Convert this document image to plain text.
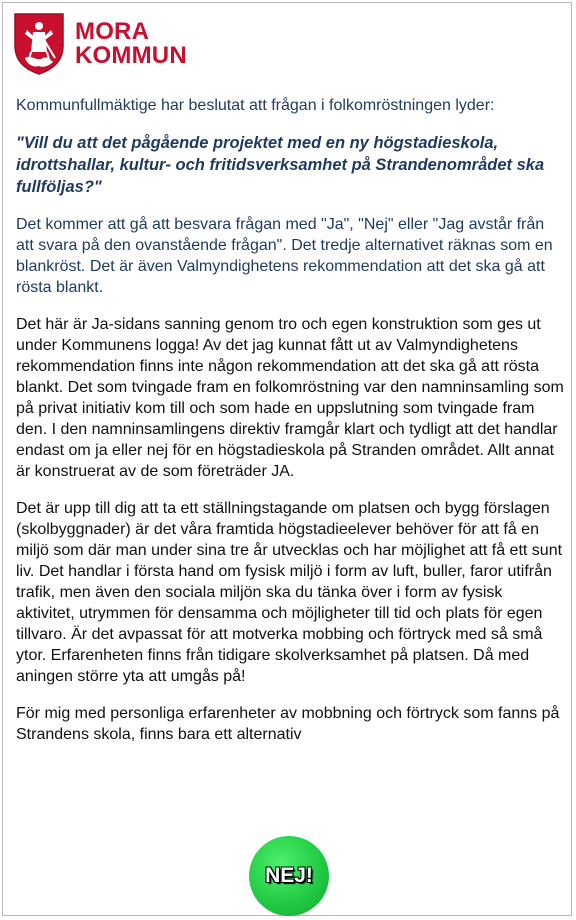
MORA
KOMMUN

Kommunfullmäktige har beslutat att frågan i folkomröstningen lyder:

"Vill du att det pågående projektet med en ny högstadieskola, idrottshallar, kultur- och fritidsverksamhet på Strandenområdet ska fullföljas?"

Det kommer att gå att besvara frågan med "Ja", "Nej" eller "Jag avstår från att svara på den ovanstående frågan". Det tredje alternativet räknas som en blankröst. Det är även Valmyndighetens rekommendation att det ska gå att rösta blankt.

Det här är Ja-sidans sanning genom tro och egen konstruktion som ges ut under Kommunens logga! Av det jag kunnat fått ut av Valmyndighetens rekommendation finns inte någon rekommendation att det ska gå att rösta blankt. Det som tvingade fram en folkomröstning var den namninsamling som på privat initiativ kom till och som hade en uppslutning som tvingade fram den. I den namninsamlingens direktiv framgår klart och tydligt att det handlar endast om ja eller nej för en högstadieskola på Stranden området. Allt annat är konstruerat av de som företräder JA.

Det är upp till dig att ta ett ställningstagande om platsen och bygg förslagen (skolbyggnader) är det våra framtida högstadieelever behöver för att få en miljö som där man under sina tre år utvecklas och har möjlighet att få ett sunt liv. Det handlar i första hand om fysisk miljö i form av luft, buller, faror utifrån trafik, men även den sociala miljön ska du tänka över i form av fysisk aktivitet, utrymmen för densamma och möjligheter till tid och plats för egen tillvaro. Är det avpassat för att motverka mobbing och förtryck med så små ytor. Erfarenheten finns från tidigare skolverksamhet på platsen. Då med aningen större yta att umgås på!

För mig med personliga erfarenheter av mobbning och förtryck som fanns på Strandens skola, finns bara ett alternativ

NEJ!
